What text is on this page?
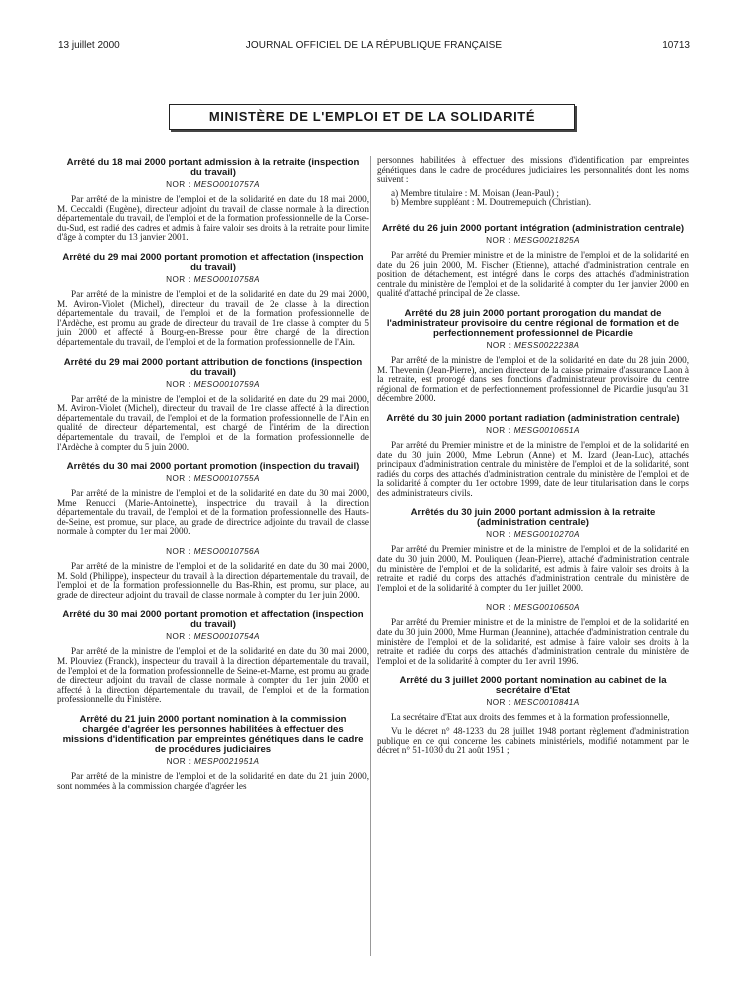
13 juillet 2000	JOURNAL OFFICIEL DE LA RÉPUBLIQUE FRANÇAISE	10713
MINISTÈRE DE L'EMPLOI ET DE LA SOLIDARITÉ
Arrêté du 18 mai 2000 portant admission à la retraite (inspection du travail)
NOR : MESO0010757A

Par arrêté de la ministre de l'emploi et de la solidarité en date du 18 mai 2000, M. Ceccaldi (Eugène), directeur adjoint du travail de classe normale à la direction départementale du travail, de l'emploi et de la formation professionnelle de la Corse-du-Sud, est radié des cadres et admis à faire valoir ses droits à la retraite pour limite d'âge à compter du 13 janvier 2001.

Arrêté du 29 mai 2000 portant promotion et affectation (inspection du travail)
NOR : MESO0010758A

Par arrêté de la ministre de l'emploi et de la solidarité en date du 29 mai 2000, M. Aviron-Violet (Michel), directeur du travail de 2e classe à la direction départementale du travail, de l'emploi et de la formation professionnelle de l'Ardèche, est promu au grade de directeur du travail de 1re classe à compter du 5 juin 2000 et affecté à Bourg-en-Bresse pour être chargé de la direction départementale du travail, de l'emploi et de la formation professionnelle de l'Ain.

Arrêté du 29 mai 2000 portant attribution de fonctions (inspection du travail)
NOR : MESO0010759A

Par arrêté de la ministre de l'emploi et de la solidarité en date du 29 mai 2000, M. Aviron-Violet (Michel), directeur du travail de 1re classe affecté à la direction départementale du travail, de l'emploi et de la formation professionnelle de l'Ain en qualité de directeur départemental, est chargé de l'intérim de la direction départementale du travail, de l'emploi et de la formation professionnelle de l'Ardèche à compter du 5 juin 2000.

Arrêtés du 30 mai 2000 portant promotion (inspection du travail)
NOR : MESO0010755A

Par arrêté de la ministre de l'emploi et de la solidarité en date du 30 mai 2000, Mme Renucci (Marie-Antoinette), inspectrice du travail à la direction départementale du travail, de l'emploi et de la formation professionnelle des Hauts-de-Seine, est promue, sur place, au grade de directrice adjointe du travail de classe normale à compter du 1er mai 2000.

NOR : MESO0010756A

Par arrêté de la ministre de l'emploi et de la solidarité en date du 30 mai 2000, M. Sold (Philippe), inspecteur du travail à la direction départementale du travail, de l'emploi et de la formation professionnelle du Bas-Rhin, est promu, sur place, au grade de directeur adjoint du travail de classe normale à compter du 1er juin 2000.

Arrêté du 30 mai 2000 portant promotion et affectation (inspection du travail)
NOR : MESO0010754A

Par arrêté de la ministre de l'emploi et de la solidarité en date du 30 mai 2000, M. Plouviez (Franck), inspecteur du travail à la direction départementale du travail, de l'emploi et de la formation professionnelle de Seine-et-Marne, est promu au grade de directeur adjoint du travail de classe normale à compter du 1er juin 2000 et affecté à la direction départementale du travail, de l'emploi et de la formation professionnelle du Finistère.

Arrêté du 21 juin 2000 portant nomination à la commission chargée d'agréer les personnes habilitées à effectuer des missions d'identification par empreintes génétiques dans le cadre de procédures judiciaires
NOR : MESP0021951A

Par arrêté de la ministre de l'emploi et de la solidarité en date du 21 juin 2000, sont nommées à la commission chargée d'agréer les

personnes habilitées à effectuer des missions d'identification par empreintes génétiques dans le cadre de procédures judiciaires les personnalités dont les noms suivent :

a) Membre titulaire : M. Moisan (Jean-Paul) ;
b) Membre suppléant : M. Doutremepuich (Christian).
Arrêté du 26 juin 2000 portant intégration (administration centrale)
NOR : MESG0021825A

Par arrêté du Premier ministre et de la ministre de l'emploi et de la solidarité en date du 26 juin 2000, M. Fischer (Etienne), attaché d'administration centrale en position de détachement, est intégré dans le corps des attachés d'administration centrale du ministère de l'emploi et de la solidarité à compter du 1er janvier 2000 en qualité d'attaché principal de 2e classe.

Arrêté du 28 juin 2000 portant prorogation du mandat de l'administrateur provisoire du centre régional de formation et de perfectionnement professionnel de Picardie
NOR : MESS0022238A

Par arrêté de la ministre de l'emploi et de la solidarité en date du 28 juin 2000, M. Thevenin (Jean-Pierre), ancien directeur de la caisse primaire d'assurance Laon à la retraite, est prorogé dans ses fonctions d'administrateur provisoire du centre régional de formation et de perfectionnement professionnel de Picardie jusqu'au 31 décembre 2000.

Arrêté du 30 juin 2000 portant radiation (administration centrale)
NOR : MESG0010651A

Par arrêté du Premier ministre et de la ministre de l'emploi et de la solidarité en date du 30 juin 2000, Mme Lebrun (Anne) et M. Izard (Jean-Luc), attachés principaux d'administration centrale du ministère de l'emploi et de la solidarité, sont radiés du corps des attachés d'administration centrale du ministère de l'emploi et de la solidarité à compter du 1er octobre 1999, date de leur titularisation dans le corps des administrateurs civils.

Arrêtés du 30 juin 2000 portant admission à la retraite (administration centrale)
NOR : MESG0010270A

Par arrêté du Premier ministre et de la ministre de l'emploi et de la solidarité en date du 30 juin 2000, M. Pouliquen (Jean-Pierre), attaché d'administration centrale du ministère de l'emploi et de la solidarité, est admis à faire valoir ses droits à la retraite et radié du corps des attachés d'administration centrale du ministère de l'emploi et de la solidarité à compter du 1er juillet 2000.

NOR : MESG0010650A

Par arrêté du Premier ministre et de la ministre de l'emploi et de la solidarité en date du 30 juin 2000, Mme Hurman (Jeannine), attachée d'administration centrale du ministère de l'emploi et de la solidarité, est admise à faire valoir ses droits à la retraite et radiée du corps des attachés d'administration centrale du ministère de l'emploi et de la solidarité à compter du 1er avril 1996.

Arrêté du 3 juillet 2000 portant nomination au cabinet de la secrétaire d'Etat
NOR : MESC0010841A

La secrétaire d'Etat aux droits des femmes et à la formation professionnelle,

Vu le décret n° 48-1233 du 28 juillet 1948 portant règlement d'administration publique en ce qui concerne les cabinets ministériels, modifié notamment par le décret n° 51-1030 du 21 août 1951 ;
